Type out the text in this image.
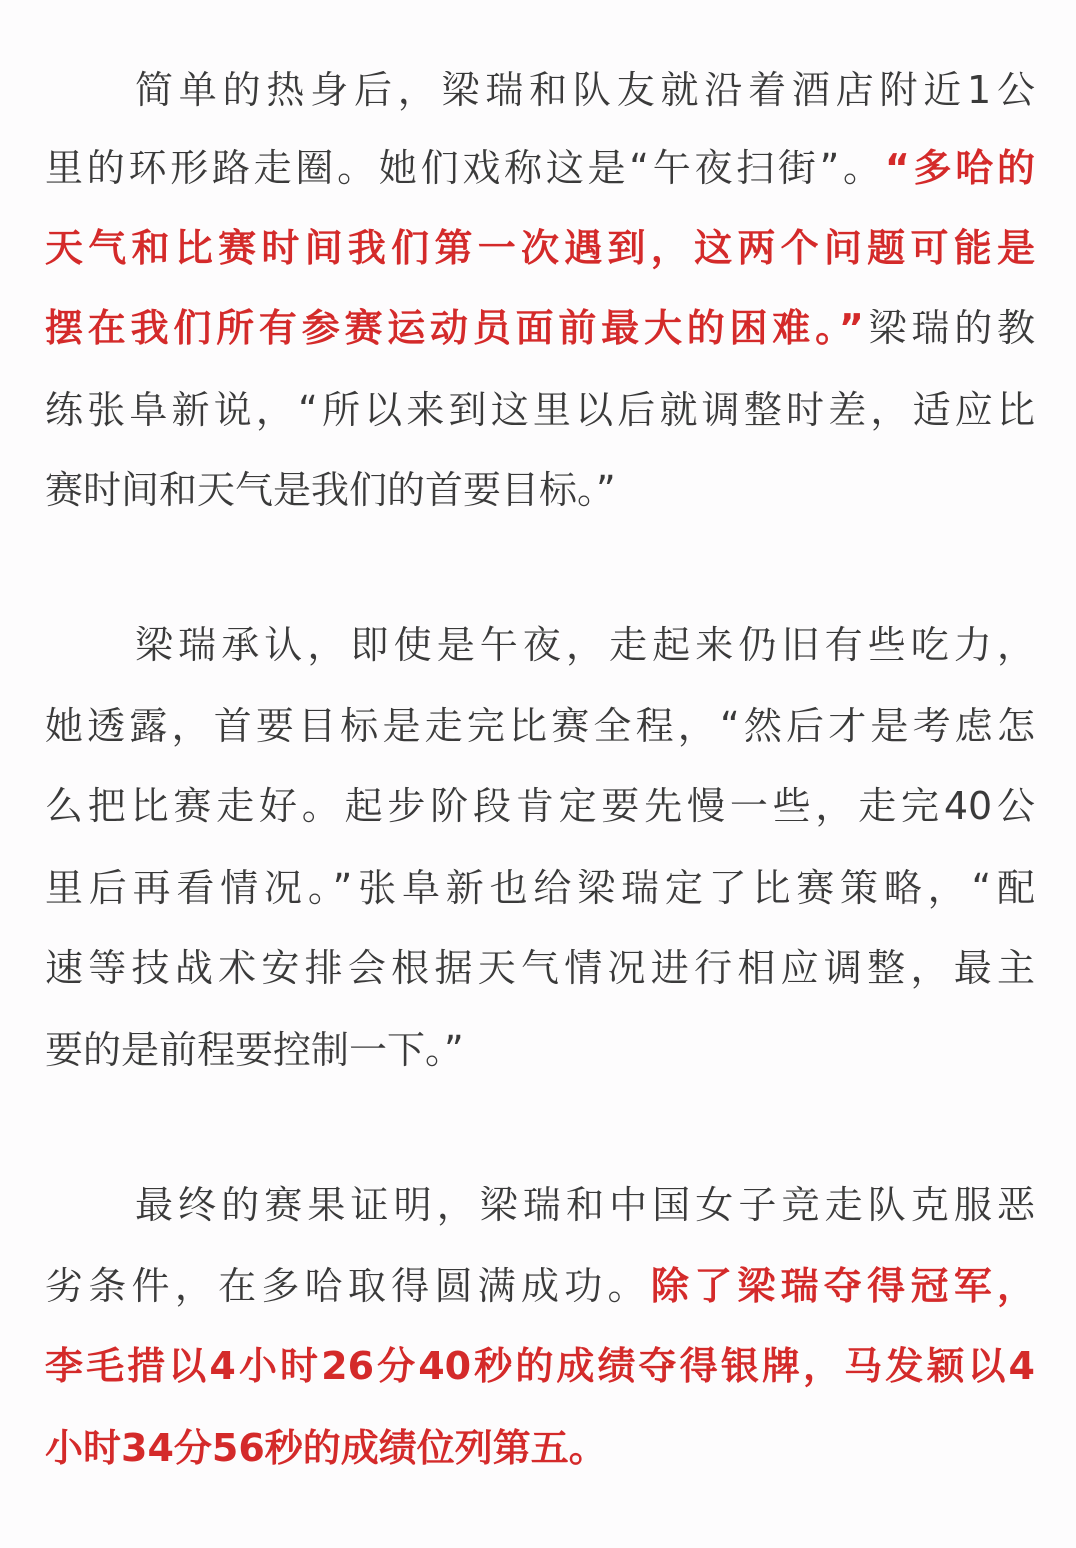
简单的热身后，梁瑞和队友就沿着酒店附近1公
里的环形路走圈。她们戏称这是“午夜扫街”。“多哈的
天气和比赛时间我们第一次遇到，这两个问题可能是
摆在我们所有参赛运动员面前最大的困难。”梁瑞的教
练张阜新说，“所以来到这里以后就调整时差，适应比
赛时间和天气是我们的首要目标。”
梁瑞承认，即使是午夜，走起来仍旧有些吃力，
她透露，首要目标是走完比赛全程，“然后才是考虑怎
么把比赛走好。起步阶段肯定要先慢一些，走完40公
里后再看情况。”张阜新也给梁瑞定了比赛策略，“配
速等技战术安排会根据天气情况进行相应调整，最主
要的是前程要控制一下。”
最终的赛果证明，梁瑞和中国女子竞走队克服恶
劣条件，在多哈取得圆满成功。除了梁瑞夺得冠军，
李毛措以4小时26分40秒的成绩夺得银牌，马发颖以4
小时34分56秒的成绩位列第五。
